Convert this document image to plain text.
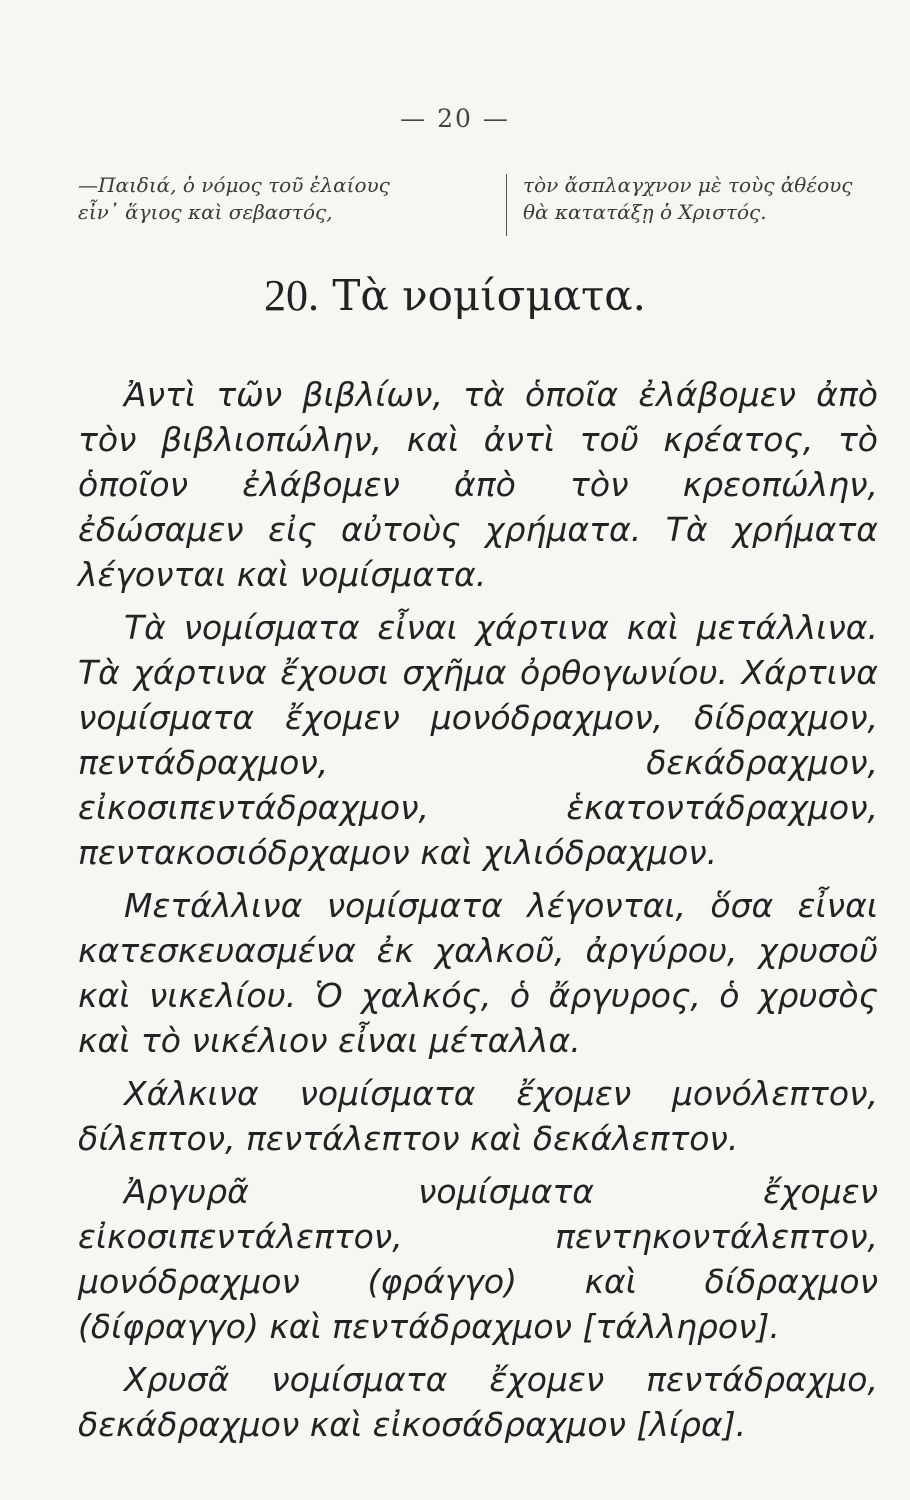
— 20 —
—Παιδιά, ὁ νόμος τοῦ ἐλαίους
εἶν᾽ ἅγιος καὶ σεβαστός,
τὸν ἄσπλαγχνον μὲ τοὺς ἀθέους
θὰ κατατάξῃ ὁ Χριστός.
20. Τὰ νομίσματα.

Ἀντὶ τῶν βιβλίων, τὰ ὁποῖα ἐλάβομεν ἀπὸ τὸν βιβλιοπώλην, καὶ ἀντὶ τοῦ κρέατος, τὸ ὁποῖον ἐλάβομεν ἀπὸ τὸν κρεοπώλην, ἐδώσαμεν εἰς αὐτοὺς χρήματα. Τὰ χρήματα λέγονται καὶ νομίσματα.

Τὰ νομίσματα εἶναι χάρτινα καὶ μετάλλινα. Τὰ χάρτινα ἔχουσι σχῆμα ὀρθογωνίου. Χάρτινα νομίσματα ἔχομεν μονόδραχμον, δίδραχμον, πεντάδραχμον, δεκάδραχμον, εἰκοσιπεντάδραχμον, ἑκατοντάδραχμον, πεντακοσιόδρχαμον καὶ χιλιόδραχμον.

Μετάλλινα νομίσματα λέγονται, ὅσα εἶναι κατεσκευασμένα ἐκ χαλκοῦ, ἀργύρου, χρυσοῦ καὶ νικελίου. Ὁ χαλκός, ὁ ἄργυρος, ὁ χρυσὸς καὶ τὸ νικέλιον εἶναι μέταλλα.

Χάλκινα νομίσματα ἔχομεν μονόλεπτον, δίλεπτον, πεντάλεπτον καὶ δεκάλεπτον.

Ἀργυρᾶ νομίσματα ἔχομεν εἰκοσιπεντάλεπτον, πεντηκοντάλεπτον, μονόδραχμον (φράγγο) καὶ δίδραχμον (δίφραγγο) καὶ πεντάδραχμον [τάλληρον].

Χρυσᾶ νομίσματα ἔχομεν πεντάδραχμο, δεκάδραχμον καὶ εἰκοσάδραχμον [λίρα].
